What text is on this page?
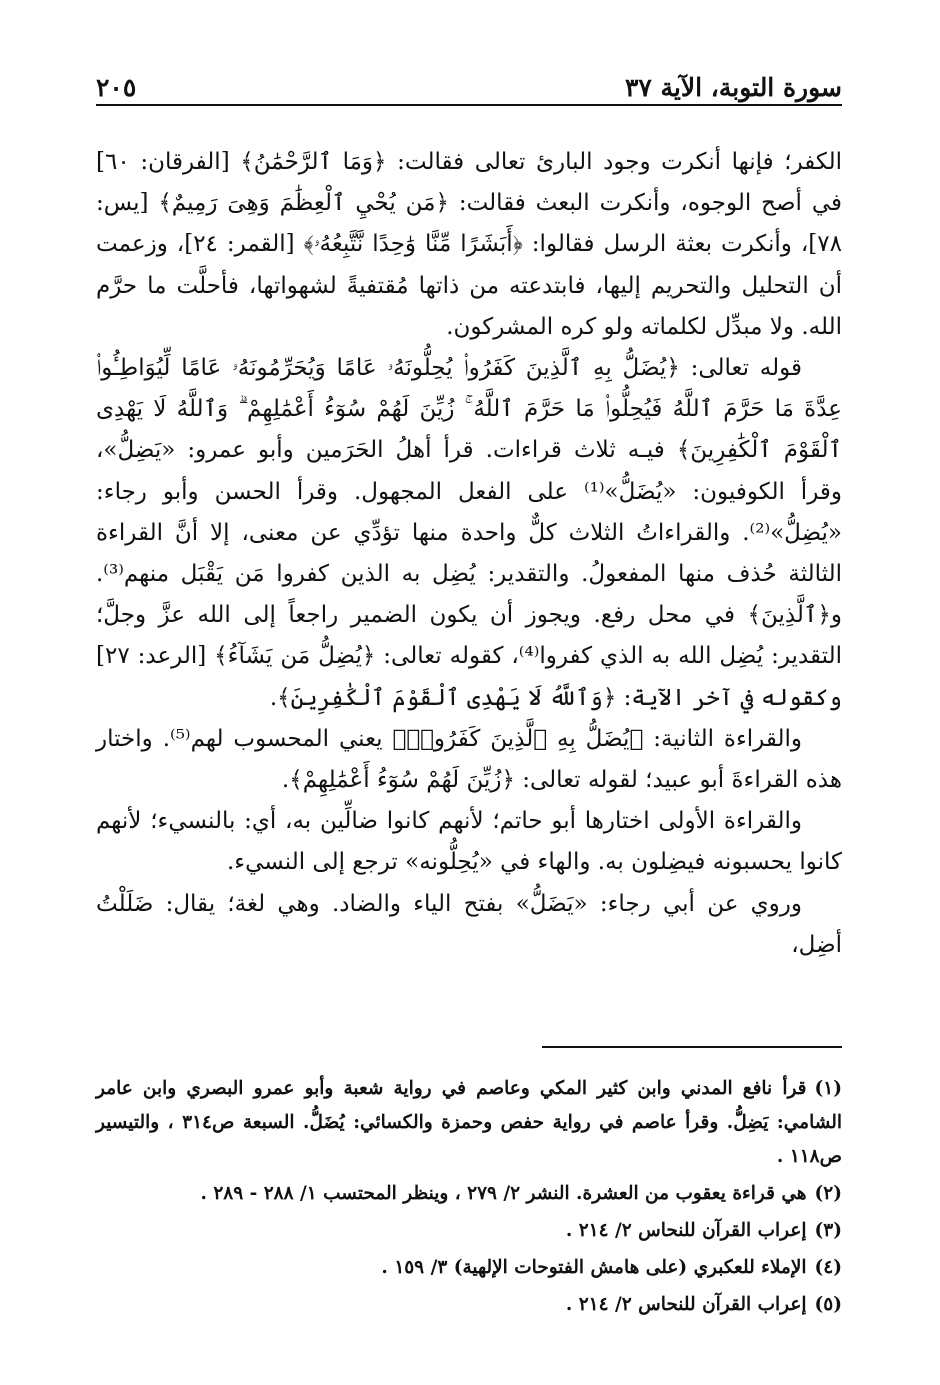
سورة التوبة، الآية ٣٧
٢٠٥

الكفر؛ فإنها أنكرت وجود البارئ تعالى فقالت: ﴿وَمَا ٱلرَّحْمَٰنُ﴾ [الفرقان: ٦٠] في أصح الوجوه، وأنكرت البعث فقالت: ﴿مَن يُحْيِ ٱلْعِظَٰمَ وَهِىَ رَمِيمٌ﴾ [يس: ٧٨]، وأنكرت بعثة الرسل فقالوا: ﴿أَبَشَرًا مِّنَّا وَٰحِدًا نَّتَّبِعُهُۥ﴾ [القمر: ٢٤]، وزعمت أن التحليل والتحريم إليها، فابتدعته من ذاتها مُقتفيةً لشهواتها، فأحلَّت ما حرَّم الله. ولا مبدِّل لكلماته ولو كره المشركون.

قوله تعالى: ﴿يُضَلُّ بِهِ ٱلَّذِينَ كَفَرُوا۟ يُحِلُّونَهُۥ عَامًا وَيُحَرِّمُونَهُۥ عَامًا لِّيُوَاطِـُٔوا۟ عِدَّةَ مَا حَرَّمَ ٱللَّهُ فَيُحِلُّوا۟ مَا حَرَّمَ ٱللَّهُ ۚ زُيِّنَ لَهُمْ سُوٓءُ أَعْمَٰلِهِمْ ۗ وَٱللَّهُ لَا يَهْدِى ٱلْقَوْمَ ٱلْكَٰفِرِينَ﴾ فيـه ثلاث قراءات. قرأ أهلُ الحَرَمين وأبو عمرو: «يَضِلُّ»، وقرأ الكوفيون: «يُضَلُّ»⁽¹⁾ على الفعل المجهول. وقرأ الحسن وأبو رجاء: «يُضِلُّ»⁽²⁾. والقراءاتُ الثلاث كلٌّ واحدة منها تؤدِّي عن معنى، إلا أنَّ القراءة الثالثة حُذف منها المفعولُ. والتقدير: يُضِل به الذين كفروا مَن يَقْبَل منهم⁽³⁾. و﴿ٱلَّذِينَ﴾ في محل رفع. ويجوز أن يكون الضمير راجعاً إلى الله عزَّ وجلَّ؛ التقدير: يُضِل الله به الذي كفروا⁽⁴⁾، كقوله تعالى: ﴿يُضِلُّ مَن يَشَآءُ﴾ [الرعد: ٢٧] وكقوله في آخر الآية: ﴿وَٱللَّهُ لَا يَهْدِى ٱلْقَوْمَ ٱلْكَٰفِرِينَ﴾.

والقراءة الثانية: ﴿يُضَلُّ بِهِ ٱلَّذِينَ كَفَرُوا۟﴾ يعني المحسوب لهم⁽⁵⁾. واختار هذه القراءةَ أبو عبيد؛ لقوله تعالى: ﴿زُيِّنَ لَهُمْ سُوٓءُ أَعْمَٰلِهِمْ﴾.

والقراءة الأولى اختارها أبو حاتم؛ لأنهم كانوا ضالِّين به، أي: بالنسيء؛ لأنهم كانوا يحسبونه فيضِلون به. والهاء في «يُحِلُّونه» ترجع إلى النسيء.

وروي عن أبي رجاء: «يَضَلُّ» بفتح الياء والضاد. وهي لغة؛ يقال: ضَلَلْتُ أضِل،

(١)قرأ نافع المدني وابن كثير المكي وعاصم في رواية شعبة وأبو عمرو البصري وابن عامر الشامي: يَضِلُّ. وقرأ عاصم في رواية حفص وحمزة والكسائي: يُضَلُّ. السبعة ص٣١٤ ، والتيسير ص١١٨ .

(٢)هي قراءة يعقوب من العشرة. النشر ٢/ ٢٧٩ ، وينظر المحتسب ١/ ٢٨٨ - ٢٨٩ .

(٣)إعراب القرآن للنحاس ٢/ ٢١٤ .

(٤)الإملاء للعكبري (على هامش الفتوحات الإلهية) ٣/ ١٥٩ .

(٥)إعراب القرآن للنحاس ٢/ ٢١٤ .
